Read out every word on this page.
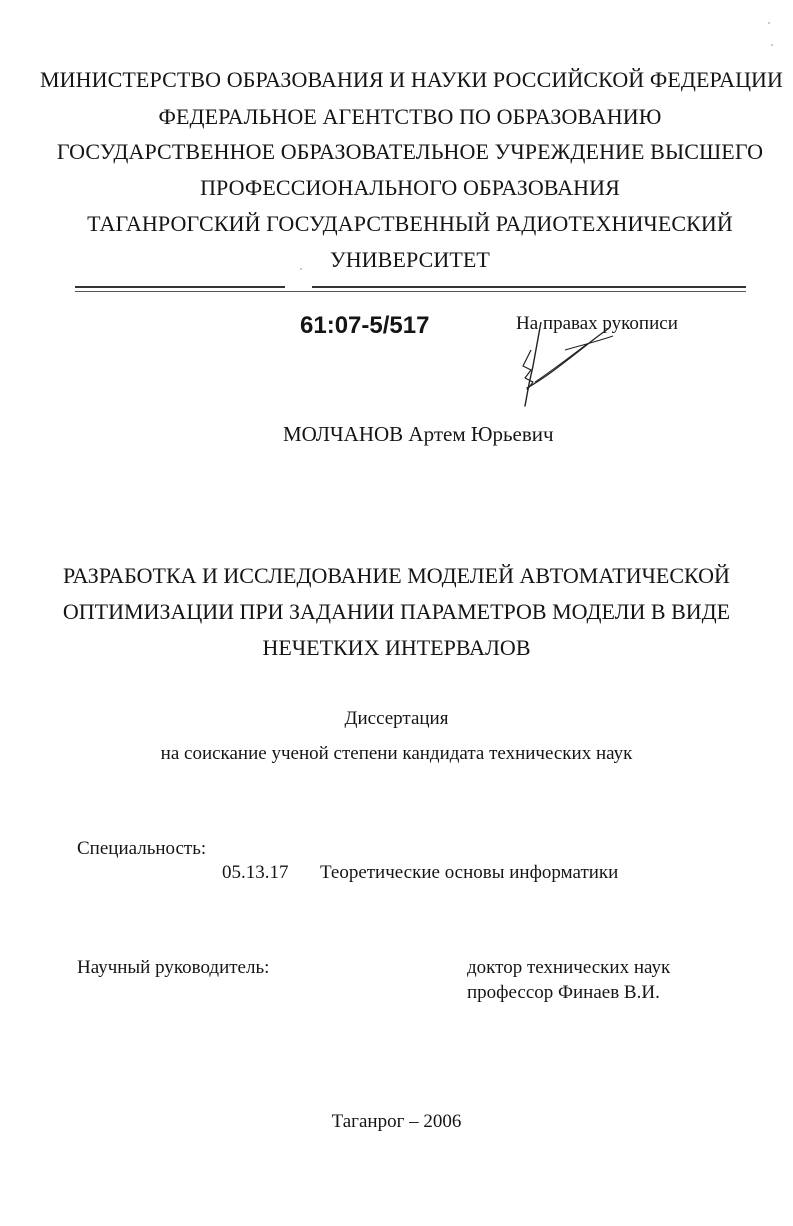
МИНИСТЕРСТВО ОБРАЗОВАНИЯ И НАУКИ РОССИЙСКОЙ ФЕДЕРАЦИИ
ФЕДЕРАЛЬНОЕ АГЕНТСТВО ПО ОБРАЗОВАНИЮ
ГОСУДАРСТВЕННОЕ ОБРАЗОВАТЕЛЬНОЕ УЧРЕЖДЕНИЕ ВЫСШЕГО
ПРОФЕССИОНАЛЬНОГО ОБРАЗОВАНИЯ
ТАГАНРОГСКИЙ ГОСУДАРСТВЕННЫЙ РАДИОТЕХНИЧЕСКИЙ
УНИВЕРСИТЕТ
61:07-5/517	На правах рукописи
МОЛЧАНОВ Артем Юрьевич
РАЗРАБОТКА И ИССЛЕДОВАНИЕ МОДЕЛЕЙ АВТОМАТИЧЕСКОЙ
ОПТИМИЗАЦИИ ПРИ ЗАДАНИИ ПАРАМЕТРОВ МОДЕЛИ В ВИДЕ
НЕЧЕТКИХ ИНТЕРВАЛОВ
Диссертация
на соискание ученой степени кандидата технических наук
Специальность:
05.13.17 Теоретические основы информатики
Научный руководитель:	доктор технических наук
профессор Финаев В.И.
Таганрог – 2006
